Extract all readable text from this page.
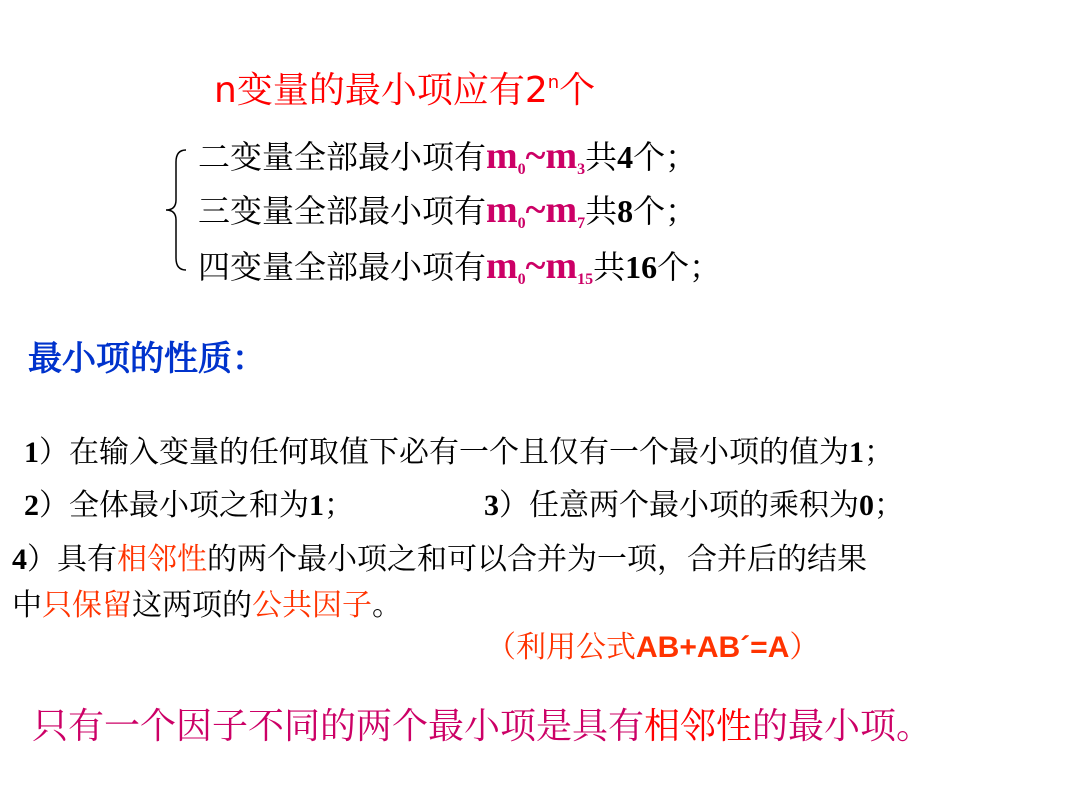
n变量的最小项应有2$^n$个
二变量全部最小项有$m_0\sim m_3$共4个；
三变量全部最小项有$m_0\sim m_7$共8个；
四变量全部最小项有$m_0\sim m_{15}$共16个；
最小项的性质：
1）在输入变量的任何取值下必有一个且仅有一个最小项的值为1；
2）全体最小项之和为1；	3）任意两个最小项的乘积为0；
4）具有相邻性的两个最小项之和可以合并为一项，合并后的结果
中只保留这两项的公共因子。
（利用公式AB+AB´=A）
只有一个因子不同的两个最小项是具有相邻性的最小项。
